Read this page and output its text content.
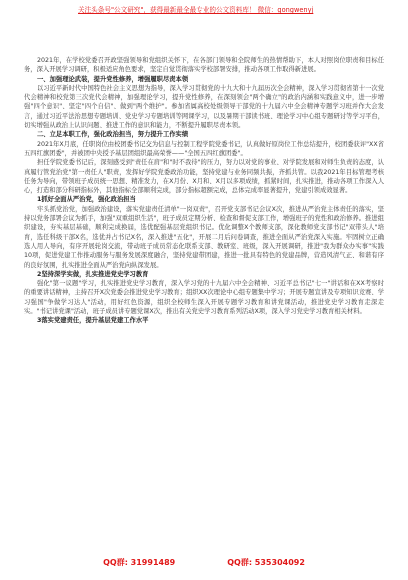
关注头条号"公文研究"，获得最新最全最专业的公文资料库！ 微信：gongwenyj

2021年，在学校党委召开政坚强领导和党组织关怀下，在各部门领导和全院师生的热情帮助下，本人对照岗位职责和目标任务，深入开展学习调研，积极适应角色要求，坚定自觉贯彻落实学校部署安排，推动各项工作取得新进展。

一、加强理论武装，提升党性修养，增强履职尽责本领

以习近平新时代中国特色社会主义思想为指导，深入学习贯彻党的十九大和十九届历次全会精神，深入学习贯彻省第十一次党代会精神和校党第三次党代会精神，加强理论学习，提升党性修养，在深刻领会"两个确立"的政治内涵和实践意义中，进一步增强"四个意识"、坚定"四个自信"、做到"两个维护"。参加省属高校处级领导干部党的十九届六中全会精神专题学习班并作大会发言，通过习近平法治思想专题培训、党史学习专题培训等网课学习，以及暑期干部读书班、理论学习中心组专题研讨等学习平台，切实增强从政治上认识问题、推进工作的意识和能力，不断提升履职尽责本领。

二、立足本职工作，强化政治担当，努力提升工作实绩

2021年X月底，任职岗位由校团委书记交为信息与控制工程学院党委书记，认真做好原岗位工作总结提升，校团委获评"XX省五四红旗团委"，并被团中央授予基层团组织最高荣誉——"全国五四红旗团委"。

担任学院党委书记后，深刻感受到"责任在肩"和"时不我待"的压力，努力以对党的事业、对学院发展和对师生负责的态度，认真履行管党治党"第一责任人"职责，发挥好学院党委政治功能，坚持党建与业务同频共振，齐抓共管。以我2021年目标管理考核任务为导向，带领班子成员统一思想、精准发力，在X月份、X月和、X月以多项成绩，抓紧时间，扎实推进，推动各项工作深入人心，打造和部分科研指标外，其他指标全部顺利完成，部分指标超额完成，总体完成率显著提升，党建引领成效显著。

1抓好全面从严治党，强化政治担当

牢头抓党治党，加强政治建设，落实党建责任清单"一岗双责"，召开党支部书记会议X次，推进从严治党主体责任的落实，坚持以党务部署会议为抓手，加强"双重组织生活"，班子成员定期分析、检查和督促支部工作，增强班子的党性和政治修养。推进组织建设，夯实基层基础，顺利完成换届，选优配强基层党组织书记。优化调整X个教师支部，深化教师党支部书记"双带头人"培育，选任科级干部X名，选优并占书记X名，深入推进"五化"，开展二月后问卷调查，推进全面从严治党深入实施。牢固树立正确选人用人导向，有序开展轮岗交流，带动班子成员常态化联系支部、教研室、班级，深入开展调研，推进"我为群众办实事"实践10项，促进党建工作推动服务与服务发展深度融合，坚持党建带团建，推进一批具有特色的党建品牌，营造风清气正、和谐有序的良好氛围，扎实推进全面从严治党向纵深发展。

2坚持深学实做，扎实推进党史学习教育

强化"第一议题"学习，扎实推进党史学习教育，深入学习党的十九届六中全会精神、习近平总书记"七一"讲话和在XX考察时的重要讲话精神，主持召开X次党委会推进党史学习教育；组织XX次理论中心组专题集中学习；开展专题宣讲及专项知识竞赛、学习强国"争做学习达人"活动，用好红色资源，组织全校师生深入开展专题学习教育和讲党课活动，推进党史学习教育走深走实。"书记讲党课"活动，班子成员讲专题党课X次，推出有关党史学习教育系列活动X项，深入学习党史学习教育相关材料。

3落实党建责任，提升基层党建工作水平

QQ群: 31991489	QQ群: 535304092
